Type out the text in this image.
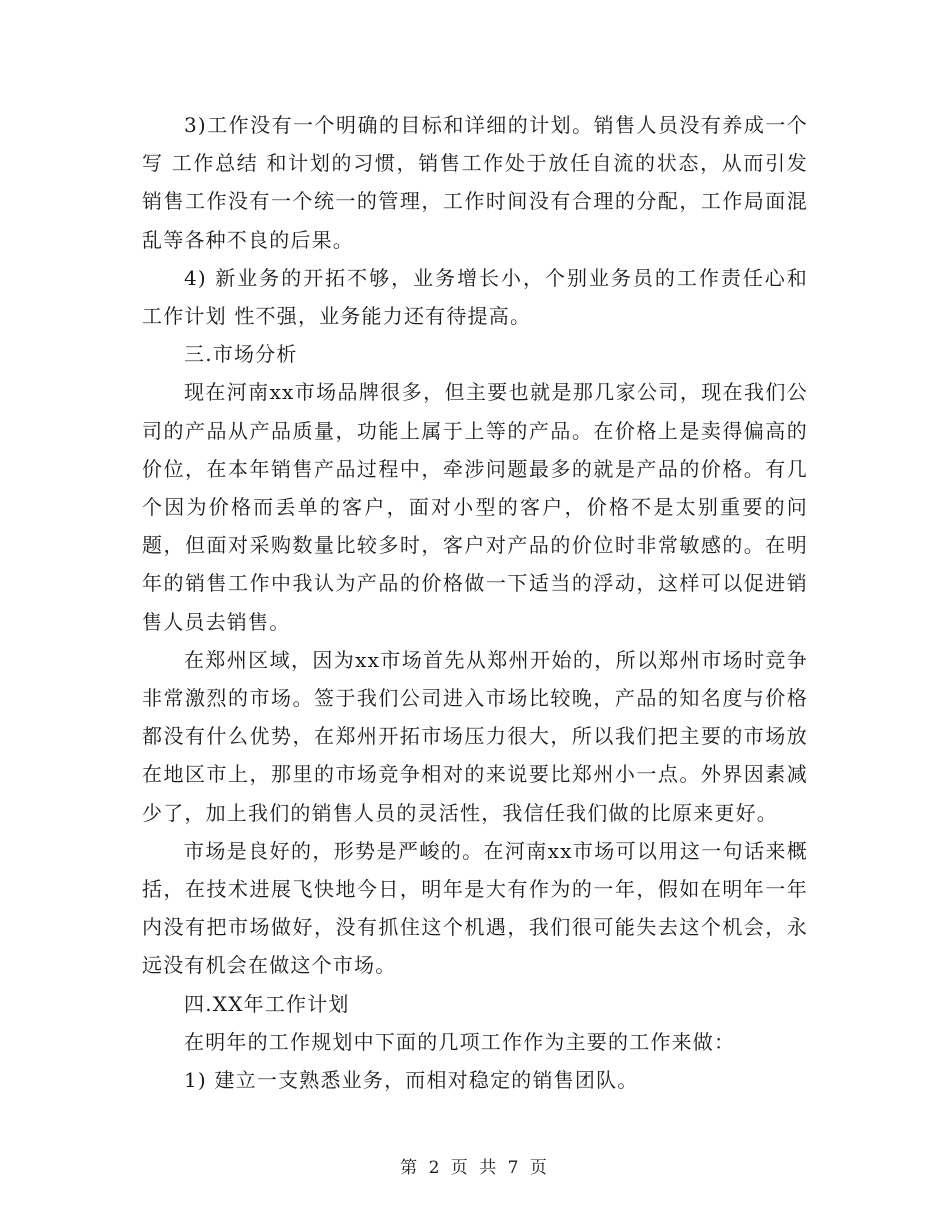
3)工作没有一个明确的目标和详细的计划。销售人员没有养成一个写 工作总结 和计划的习惯，销售工作处于放任自流的状态，从而引发销售工作没有一个统一的管理，工作时间没有合理的分配，工作局面混乱等各种不良的后果。

4) 新业务的开拓不够，业务增长小，个别业务员的工作责任心和工作计划 性不强，业务能力还有待提高。

三.市场分析

现在河南xx市场品牌很多，但主要也就是那几家公司，现在我们公司的产品从产品质量，功能上属于上等的产品。在价格上是卖得偏高的价位，在本年销售产品过程中，牵涉问题最多的就是产品的价格。有几个因为价格而丢单的客户，面对小型的客户，价格不是太别重要的问题，但面对采购数量比较多时，客户对产品的价位时非常敏感的。在明年的销售工作中我认为产品的价格做一下适当的浮动，这样可以促进销售人员去销售。

在郑州区域，因为xx市场首先从郑州开始的，所以郑州市场时竞争非常激烈的市场。签于我们公司进入市场比较晚，产品的知名度与价格都没有什么优势，在郑州开拓市场压力很大，所以我们把主要的市场放在地区市上，那里的市场竞争相对的来说要比郑州小一点。外界因素减少了，加上我们的销售人员的灵活性，我信任我们做的比原来更好。

市场是良好的，形势是严峻的。在河南xx市场可以用这一句话来概括，在技术进展飞快地今日，明年是大有作为的一年，假如在明年一年内没有把市场做好，没有抓住这个机遇，我们很可能失去这个机会，永远没有机会在做这个市场。

四.XX年工作计划

在明年的工作规划中下面的几项工作作为主要的工作来做：

1) 建立一支熟悉业务，而相对稳定的销售团队。

第 2 页 共 7 页
